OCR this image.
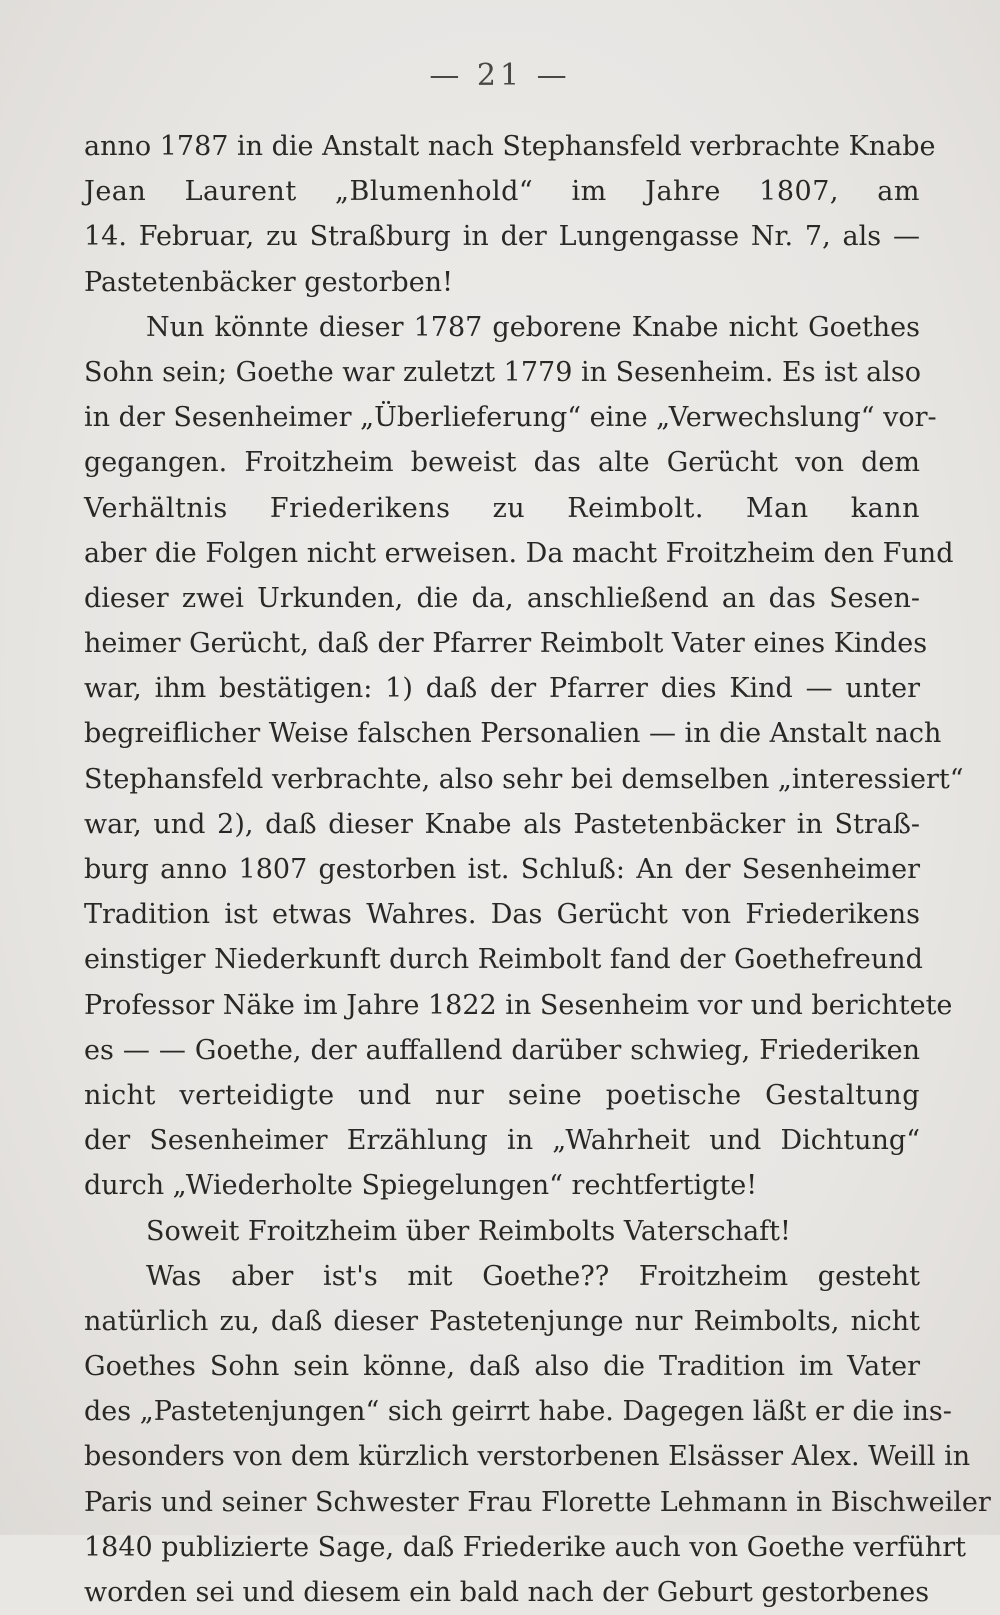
— 21 —
anno 1787 in die Anstalt nach Stephansfeld verbrachte Knabe
Jean Laurent „Blumenhold“ im Jahre 1807, am
14. Februar, zu Straßburg in der Lungengasse Nr. 7, als —
Pastetenbäcker gestorben!
Nun könnte dieser 1787 geborene Knabe nicht Goethes
Sohn sein; Goethe war zuletzt 1779 in Sesenheim. Es ist also
in der Sesenheimer „Überlieferung“ eine „Verwechslung“ vor-
gegangen. Froitzheim beweist das alte Gerücht von dem
Verhältnis Friederikens zu Reimbolt. Man kann
aber die Folgen nicht erweisen. Da macht Froitzheim den Fund
dieser zwei Urkunden, die da, anschließend an das Sesen-
heimer Gerücht, daß der Pfarrer Reimbolt Vater eines Kindes
war, ihm bestätigen: 1) daß der Pfarrer dies Kind — unter
begreiflicher Weise falschen Personalien — in die Anstalt nach
Stephansfeld verbrachte, also sehr bei demselben „interessiert“
war, und 2), daß dieser Knabe als Pastetenbäcker in Straß-
burg anno 1807 gestorben ist. Schluß: An der Sesenheimer
Tradition ist etwas Wahres. Das Gerücht von Friederikens
einstiger Niederkunft durch Reimbolt fand der Goethefreund
Professor Näke im Jahre 1822 in Sesenheim vor und berichtete
es — — Goethe, der auffallend darüber schwieg, Friederiken
nicht verteidigte und nur seine poetische Gestaltung
der Sesenheimer Erzählung in „Wahrheit und Dichtung“
durch „Wiederholte Spiegelungen“ rechtfertigte!
Soweit Froitzheim über Reimbolts Vaterschaft!
Was aber ist's mit Goethe?? Froitzheim gesteht
natürlich zu, daß dieser Pastetenjunge nur Reimbolts, nicht
Goethes Sohn sein könne, daß also die Tradition im Vater
des „Pastetenjungen“ sich geirrt habe. Dagegen läßt er die ins-
besonders von dem kürzlich verstorbenen Elsässer Alex. Weill in
Paris und seiner Schwester Frau Florette Lehmann in Bischweiler
1840 publizierte Sage, daß Friederike auch von Goethe verführt
worden sei und diesem ein bald nach der Geburt gestorbenes
